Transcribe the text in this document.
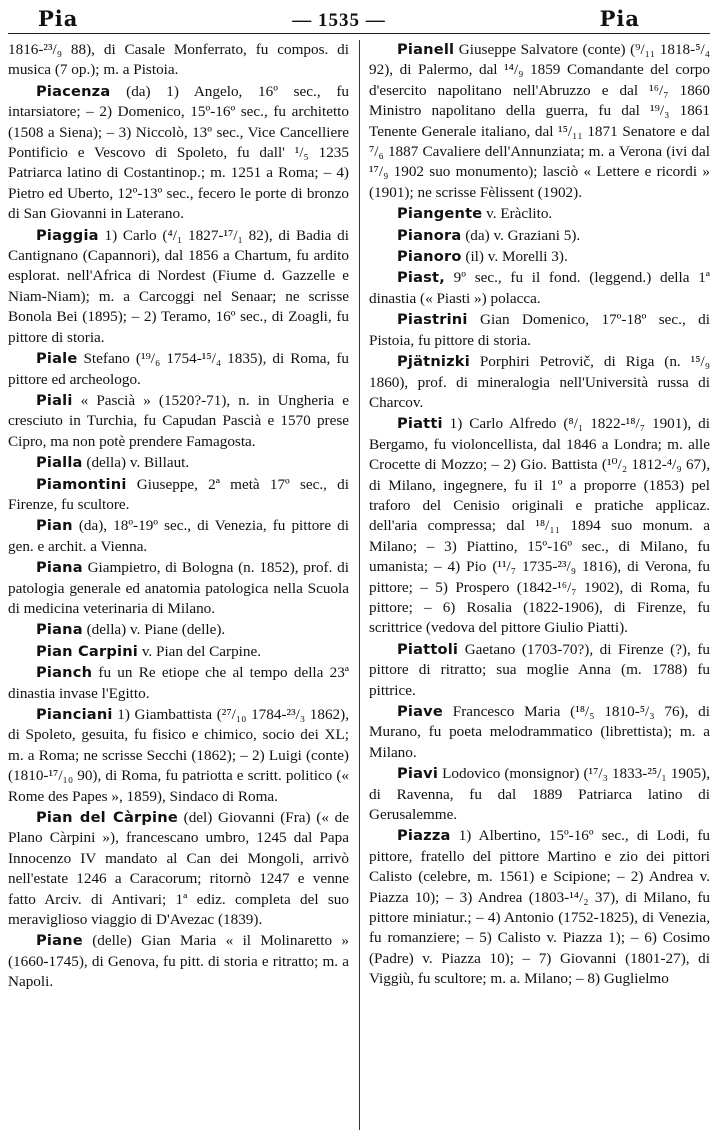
Pia	— 1535 —	Pia

1816-²³/₉ 88), di Casale Monferrato, fu compos. di musica (7 op.); m. a Pistoia.

Piacenza (da) 1) Angelo, 16º sec., fu intarsiatore; – 2) Domenico, 15º-16º sec., fu architetto (1508 a Siena); – 3) Niccolò, 13º sec., Vice Cancelliere Pontificio e Vescovo di Spoleto, fu dall' ¹/₅ 1235 Patriarca latino di Costantinop.; m. 1251 a Roma; – 4) Pietro ed Uberto, 12º-13º sec., fecero le porte di bronzo di San Giovanni in Laterano.

Piaggia 1) Carlo (⁴/₁ 1827-¹⁷/₁ 82), di Badia di Cantignano (Capannori), dal 1856 a Chartum, fu ardito esplorat. nell'Africa di Nordest (Fiume d. Gazzelle e Niam-Niam); m. a Carcoggi nel Senaar; ne scrisse Bonola Bei (1895); – 2) Teramo, 16º sec., di Zoagli, fu pittore di storia.

Piale Stefano (¹⁹/₆ 1754-¹⁵/₄ 1835), di Roma, fu pittore ed archeologo.

Piali « Pascià » (1520?-71), n. in Ungheria e cresciuto in Turchia, fu Capudan Pascià e 1570 prese Cipro, ma non potè prendere Famagosta.

Pialla (della) v. Billaut.

Piamontini Giuseppe, 2ª metà 17º sec., di Firenze, fu scultore.

Pian (da), 18º-19º sec., di Venezia, fu pittore di gen. e archit. a Vienna.

Piana Giampietro, di Bologna (n. 1852), prof. di patologia generale ed anatomia patologica nella Scuola di medicina veterinaria di Milano.

Piana (della) v. Piane (delle).

Pian Carpini v. Pian del Carpine.

Pianch fu un Re etiope che al tempo della 23ª dinastia invase l'Egitto.

Pianciani 1) Giambattista (²⁷/₁₀ 1784-²³/₃ 1862), di Spoleto, gesuita, fu fisico e chimico, socio dei XL; m. a Roma; ne scrisse Secchi (1862); – 2) Luigi (conte) (1810-¹⁷/₁₀ 90), di Roma, fu patriotta e scritt. politico (« Rome des Papes », 1859), Sindaco di Roma.

Pian del Càrpine (del) Giovanni (Fra) (« de Plano Càrpini »), francescano umbro, 1245 dal Papa Innocenzo IV mandato al Can dei Mongoli, arrivò nell'estate 1246 a Caracorum; ritornò 1247 e venne fatto Arciv. di Antivari; 1ª ediz. completa del suo meraviglioso viaggio di D'Avezac (1839).

Piane (delle) Gian Maria « il Molinaretto » (1660-1745), di Genova, fu pitt. di storia e ritratto; m. a Napoli.

Pianell Giuseppe Salvatore (conte) (⁹/₁₁ 1818-⁵/₄ 92), di Palermo, dal ¹⁴/₉ 1859 Comandante del corpo d'esercito napolitano nell'Abruzzo e dal ¹⁶/₇ 1860 Ministro napolitano della guerra, fu dal ¹⁹/₃ 1861 Tenente Generale italiano, dal ¹⁵/₁₁ 1871 Senatore e dal ⁷/₆ 1887 Cavaliere dell'Annunziata; m. a Verona (ivi dal ¹⁷/₉ 1902 suo monumento); lasciò « Lettere e ricordi » (1901); ne scrisse Fèlissent (1902).

Piangente v. Eràclito.

Pianora (da) v. Graziani 5).

Pianoro (il) v. Morelli 3).

Piast, 9º sec., fu il fond. (leggend.) della 1ª dinastia (« Piasti ») polacca.

Piastrini Gian Domenico, 17º-18º sec., di Pistoia, fu pittore di storia.

Pjätnizki Porphiri Petrovič, di Riga (n. ¹⁵/₉ 1860), prof. di mineralogia nell'Università russa di Charcov.

Piatti 1) Carlo Alfredo (⁸/₁ 1822-¹⁸/₇ 1901), di Bergamo, fu violoncellista, dal 1846 a Londra; m. alle Crocette di Mozzo; – 2) Gio. Battista (¹⁰/₂ 1812-⁴/₉ 67), di Milano, ingegnere, fu il 1º a proporre (1853) pel traforo del Cenisio originali e pratiche applicaz. dell'aria compressa; dal ¹⁸/₁₁ 1894 suo monum. a Milano; – 3) Piattino, 15º-16º sec., di Milano, fu umanista; – 4) Pio (¹¹/₇ 1735-²³/₉ 1816), di Verona, fu pittore; – 5) Prospero (1842-¹⁶/₇ 1902), di Roma, fu pittore; – 6) Rosalia (1822-1906), di Firenze, fu scrittrice (vedova del pittore Giulio Piatti).

Piattoli Gaetano (1703-70?), di Firenze (?), fu pittore di ritratto; sua moglie Anna (m. 1788) fu pittrice.

Piave Francesco Maria (¹⁸/₅ 1810-⁵/₃ 76), di Murano, fu poeta melodrammatico (librettista); m. a Milano.

Piavi Lodovico (monsignor) (¹⁷/₃ 1833-²⁵/₁ 1905), di Ravenna, fu dal 1889 Patriarca latino di Gerusalemme.

Piazza 1) Albertino, 15º-16º sec., di Lodi, fu pittore, fratello del pittore Martino e zio dei pittori Calisto (celebre, m. 1561) e Scipione; – 2) Andrea v. Piazza 10); – 3) Andrea (1803-¹⁴/₂ 37), di Milano, fu pittore miniatur.; – 4) Antonio (1752-1825), di Venezia, fu romanziere; – 5) Calisto v. Piazza 1); – 6) Cosimo (Padre) v. Piazza 10); – 7) Giovanni (1801-27), di Viggiù, fu scultore; m. a. Milano; – 8) Guglielmo
